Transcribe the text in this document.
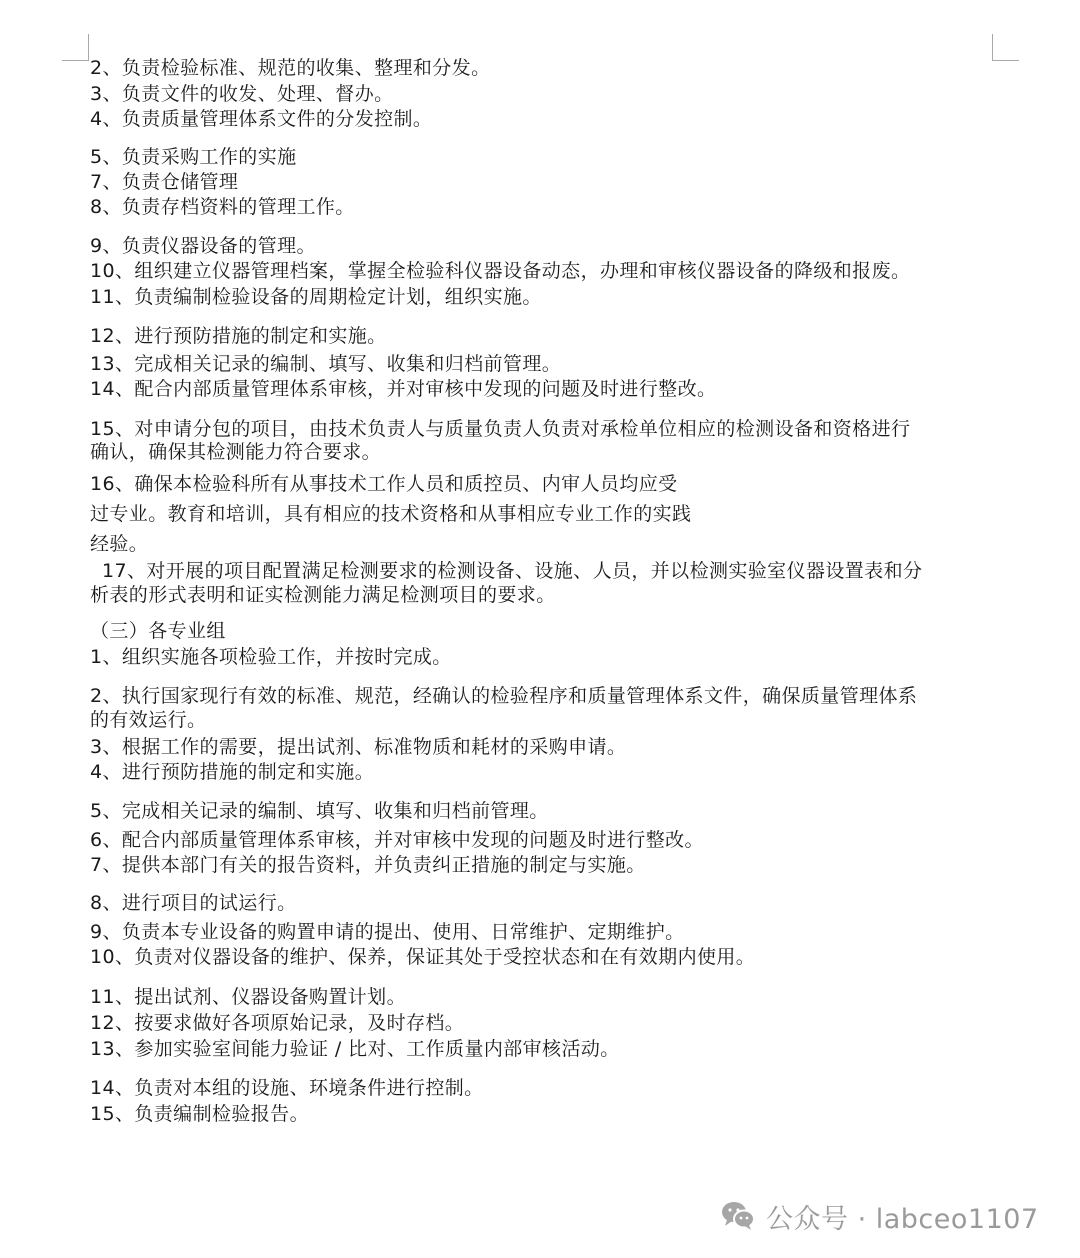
2、负责检验标准、规范的收集、整理和分发。
3、负责文件的收发、处理、督办。
4、负责质量管理体系文件的分发控制。
5、负责采购工作的实施
7、负责仓储管理
8、负责存档资料的管理工作。
9、负责仪器设备的管理。
10、组织建立仪器管理档案，掌握全检验科仪器设备动态，办理和审核仪器设备的降级和报废。
11、负责编制检验设备的周期检定计划，组织实施。
12、进行预防措施的制定和实施。
13、完成相关记录的编制、填写、收集和归档前管理。
14、配合内部质量管理体系审核，并对审核中发现的问题及时进行整改。
15、对申请分包的项目，由技术负责人与质量负责人负责对承检单位相应的检测设备和资格进行
确认，确保其检测能力符合要求。
16、确保本检验科所有从事技术工作人员和质控员、内审人员均应受
过专业。教育和培训，具有相应的技术资格和从事相应专业工作的实践
经验。
17、对开展的项目配置满足检测要求的检测设备、设施、人员，并以检测实验室仪器设置表和分
析表的形式表明和证实检测能力满足检测项目的要求。
（三）各专业组
1、组织实施各项检验工作，并按时完成。
2、执行国家现行有效的标准、规范，经确认的检验程序和质量管理体系文件，确保质量管理体系
的有效运行。
3、根据工作的需要，提出试剂、标准物质和耗材的采购申请。
4、进行预防措施的制定和实施。
5、完成相关记录的编制、填写、收集和归档前管理。
6、配合内部质量管理体系审核，并对审核中发现的问题及时进行整改。
7、提供本部门有关的报告资料，并负责纠正措施的制定与实施。
8、进行项目的试运行。
9、负责本专业设备的购置申请的提出、使用、日常维护、定期维护。
10、负责对仪器设备的维护、保养，保证其处于受控状态和在有效期内使用。
11、提出试剂、仪器设备购置计划。
12、按要求做好各项原始记录，及时存档。
13、参加实验室间能力验证 / 比对、工作质量内部审核活动。
14、负责对本组的设施、环境条件进行控制。
15、负责编制检验报告。
公众号 · labceo1107
